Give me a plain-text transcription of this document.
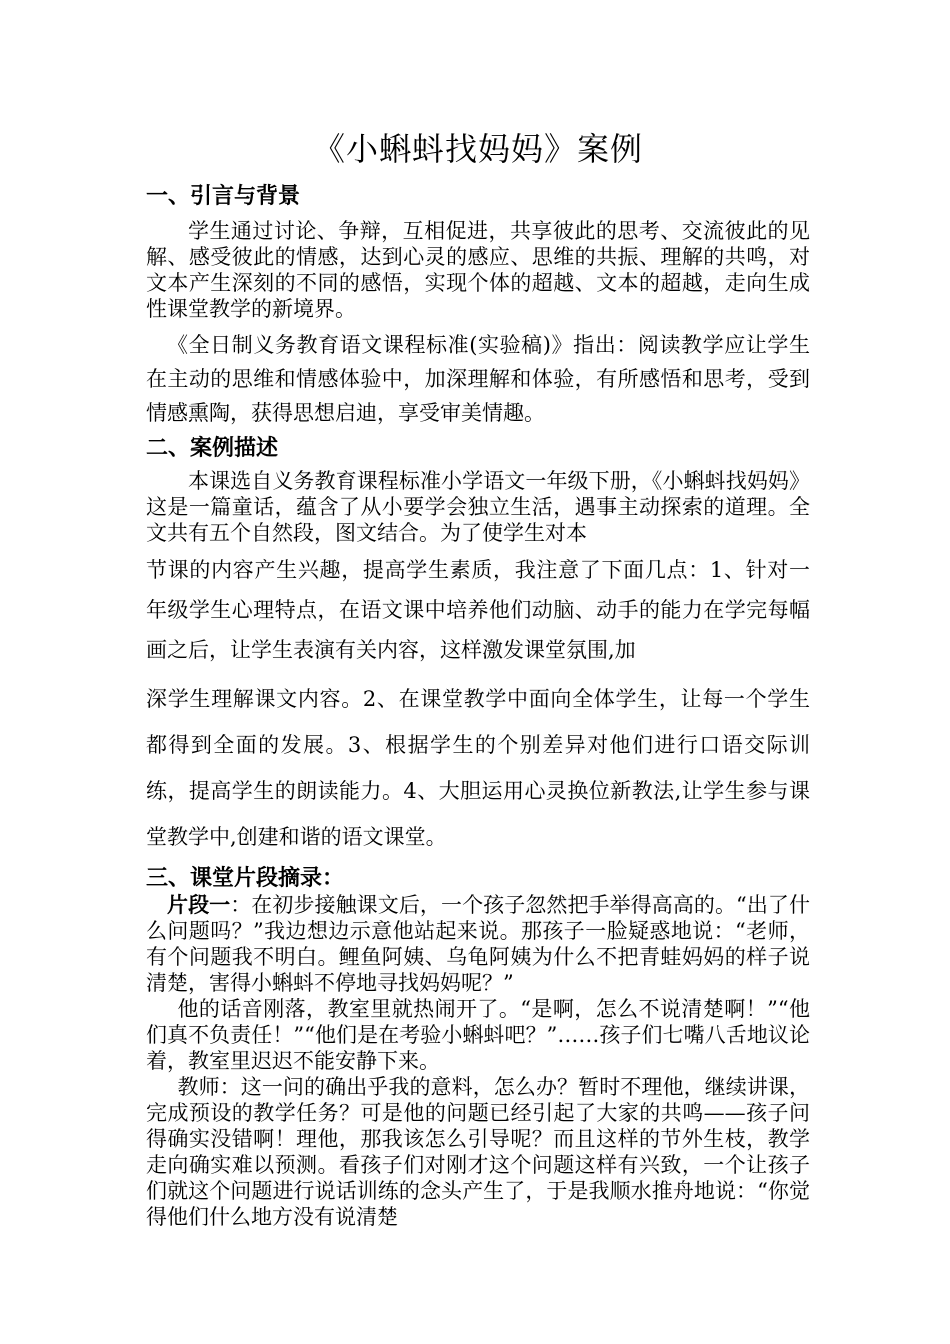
《小蝌蚪找妈妈》案例
一、引言与背景

学生通过讨论、争辩，互相促进，共享彼此的思考、交流彼此的见解、感受彼此的情感，达到心灵的感应、思维的共振、理解的共鸣，对文本产生深刻的不同的感悟，实现个体的超越、文本的超越，走向生成性课堂教学的新境界。

《全日制义务教育语文课程标准(实验稿)》指出：阅读教学应让学生在主动的思维和情感体验中，加深理解和体验，有所感悟和思考，受到情感熏陶，获得思想启迪，享受审美情趣。

二、案例描述

本课选自义务教育课程标准小学语文一年级下册，《小蝌蚪找妈妈》这是一篇童话，蕴含了从小要学会独立生活，遇事主动探索的道理。全文共有五个自然段，图文结合。为了使学生对本

节课的内容产生兴趣，提高学生素质，我注意了下面几点：1、针对一年级学生心理特点，在语文课中培养他们动脑、动手的能力在学完每幅画之后，让学生表演有关内容，这样激发课堂氛围,加

深学生理解课文内容。2、在课堂教学中面向全体学生，让每一个学生都得到全面的发展。3、根据学生的个别差异对他们进行口语交际训练，提高学生的朗读能力。4、大胆运用心灵换位新教法,让学生参与课堂教学中,创建和谐的语文课堂。

三、课堂片段摘录：

片段一：在初步接触课文后，一个孩子忽然把手举得高高的。“出了什么问题吗？”我边想边示意他站起来说。那孩子一脸疑惑地说：“老师，有个问题我不明白。鲤鱼阿姨、乌龟阿姨为什么不把青蛙妈妈的样子说清楚，害得小蝌蚪不停地寻找妈妈呢？”

他的话音刚落，教室里就热闹开了。“是啊，怎么不说清楚啊！”“他们真不负责任！”“他们是在考验小蝌蚪吧？”……孩子们七嘴八舌地议论着，教室里迟迟不能安静下来。

教师：这一问的确出乎我的意料，怎么办？暂时不理他，继续讲课，完成预设的教学任务？可是他的问题已经引起了大家的共鸣——孩子问得确实没错啊！理他，那我该怎么引导呢？而且这样的节外生枝，教学走向确实难以预测。看孩子们对刚才这个问题这样有兴致，一个让孩子们就这个问题进行说话训练的念头产生了，于是我顺水推舟地说：“你觉得他们什么地方没有说清楚
